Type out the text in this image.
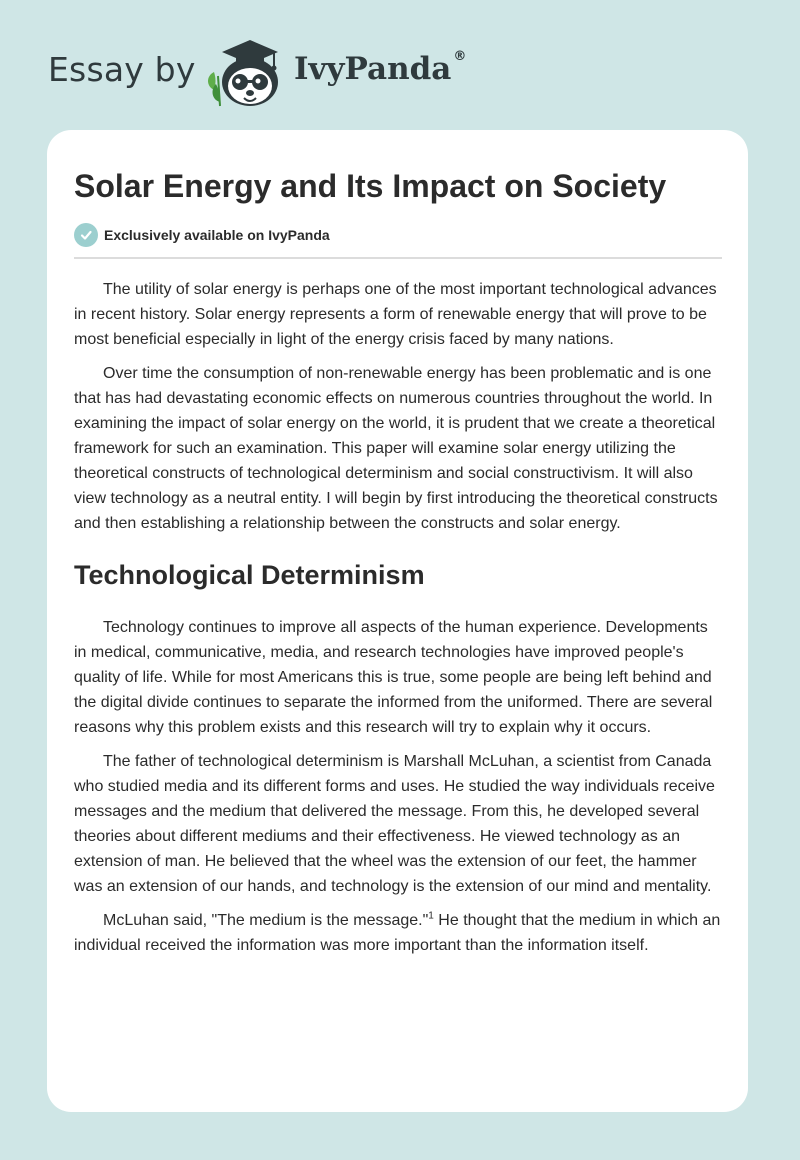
Essay by	IvyPanda ®
Solar Energy and Its Impact on Society
Exclusively available on IvyPanda

The utility of solar energy is perhaps one of the most important technological advances in recent history. Solar energy represents a form of renewable energy that will prove to be most beneficial especially in light of the energy crisis faced by many nations.

Over time the consumption of non-renewable energy has been problematic and is one that has had devastating economic effects on numerous countries throughout the world. In examining the impact of solar energy on the world, it is prudent that we create a theoretical framework for such an examination. This paper will examine solar energy utilizing the theoretical constructs of technological determinism and social constructivism. It will also view technology as a neutral entity. I will begin by first introducing the theoretical constructs and then establishing a relationship between the constructs and solar energy.

Technological Determinism

Technology continues to improve all aspects of the human experience. Developments in medical, communicative, media, and research technologies have improved people's quality of life. While for most Americans this is true, some people are being left behind and the digital divide continues to separate the informed from the uniformed. There are several reasons why this problem exists and this research will try to explain why it occurs.

The father of technological determinism is Marshall McLuhan, a scientist from Canada who studied media and its different forms and uses. He studied the way individuals receive messages and the medium that delivered the message. From this, he developed several theories about different mediums and their effectiveness. He viewed technology as an extension of man. He believed that the wheel was the extension of our feet, the hammer was an extension of our hands, and technology is the extension of our mind and mentality.

McLuhan said, "The medium is the message."$^1$ He thought that the medium in which an individual received the information was more important than the information itself.
